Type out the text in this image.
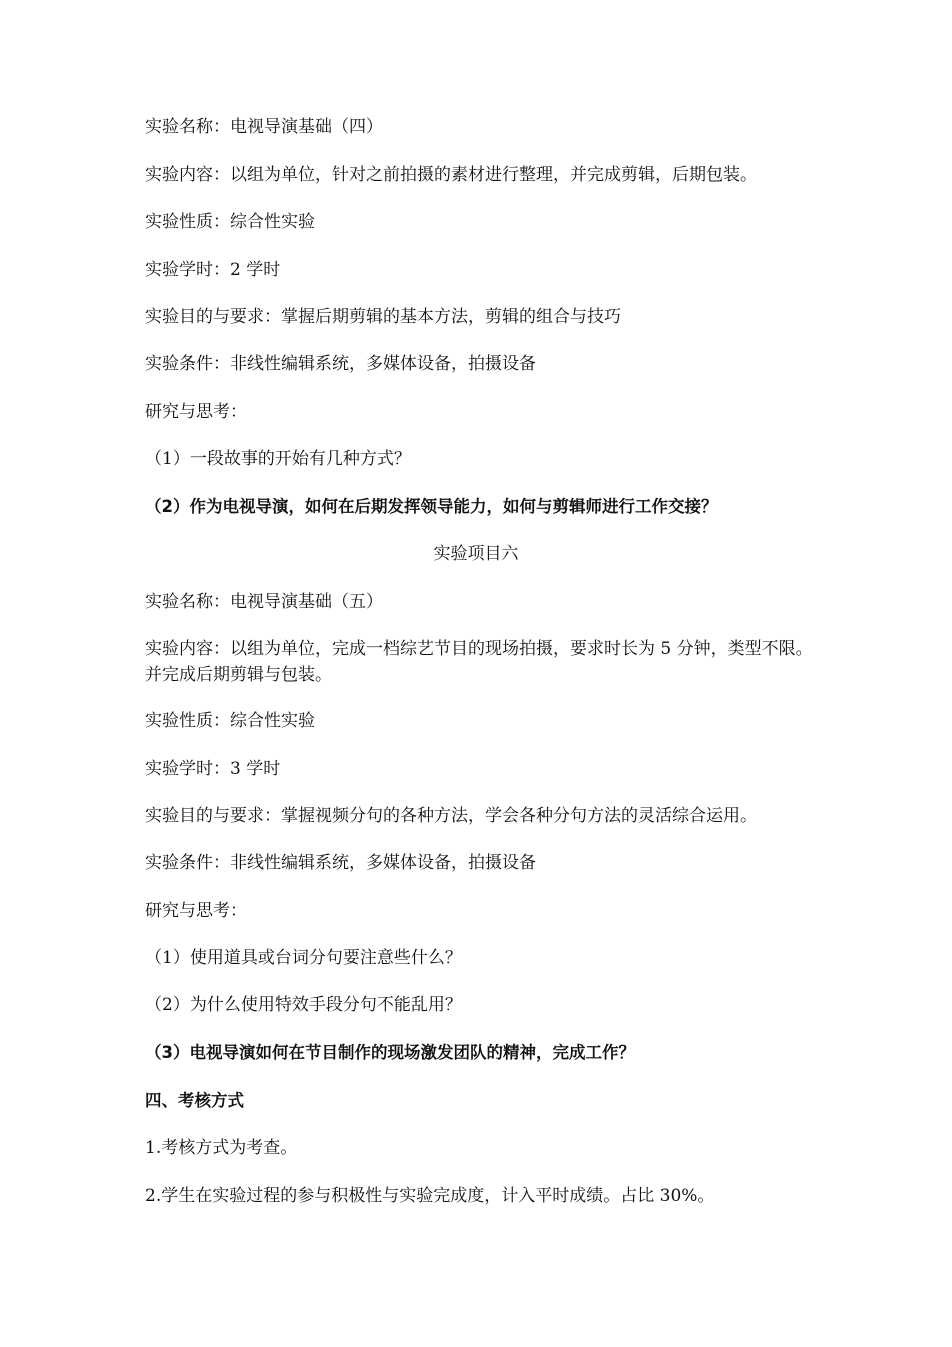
实验名称：电视导演基础（四）
实验内容：以组为单位，针对之前拍摄的素材进行整理，并完成剪辑，后期包装。
实验性质：综合性实验
实验学时：2 学时
实验目的与要求：掌握后期剪辑的基本方法，剪辑的组合与技巧
实验条件：非线性编辑系统，多媒体设备，拍摄设备
研究与思考：
（1）一段故事的开始有几种方式？
（2）作为电视导演，如何在后期发挥领导能力，如何与剪辑师进行工作交接？
实验项目六
实验名称：电视导演基础（五）
实验内容：以组为单位，完成一档综艺节目的现场拍摄，要求时长为 5 分钟，类型不限。并完成后期剪辑与包装。
实验性质：综合性实验
实验学时：3 学时
实验目的与要求：掌握视频分句的各种方法，学会各种分句方法的灵活综合运用。
实验条件：非线性编辑系统，多媒体设备，拍摄设备
研究与思考：
（1）使用道具或台词分句要注意些什么？
（2）为什么使用特效手段分句不能乱用？
（3）电视导演如何在节目制作的现场激发团队的精神，完成工作？
四、考核方式
1.考核方式为考查。
2.学生在实验过程的参与积极性与实验完成度，计入平时成绩。占比 30%。
